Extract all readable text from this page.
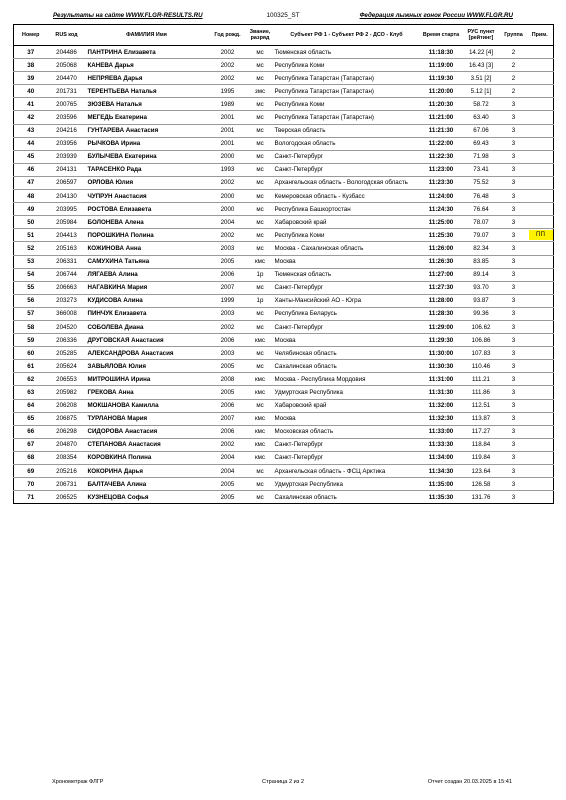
Результаты на сайте WWW.FLGR-RESULTS.RU	100325_ST	Федерация лыжных гонок России WWW.FLGR.RU
Номер	RUS код	ФАМИЛИЯ Имя	Год рожд.	Звание, разряд	Субъект РФ 1 - Субъект РФ 2 - ДСО - Клуб	Время старта	РУС пункт [рейтинг]	Группа	Прим.
37	204486	ПАНТРИНА Елизавета	2002	мс	Тюменская область	11:18:30	14.22 [4]	2	
38	205068	КАНЕВА Дарья	2002	мс	Республика Коми	11:19:00	16.43 [3]	2	
39	204470	НЕПРЯЕВА Дарья	2002	мс	Республика Татарстан (Татарстан)	11:19:30	3.51 [2]	2	
40	201731	ТЕРЕНТЬЕВА Наталья	1995	змс	Республика Татарстан (Татарстан)	11:20:00	5.12 [1]	2	
41	200765	ЗЮЗЕВА Наталья	1989	мс	Республика Коми	11:20:30	58.72	3	
42	203596	МЕГЕДЬ Екатерина	2001	мс	Республика Татарстан (Татарстан)	11:21:00	63.40	3	
43	204216	ГУНТАРЕВА Анастасия	2001	мс	Тверская область	11:21:30	67.06	3	
44	203956	РЫЧКОВА Ирина	2001	мс	Вологодская область	11:22:00	69.43	3	
45	203939	БУЛЫЧЕВА Екатерина	2000	мс	Санкт-Петербург	11:22:30	71.98	3	
46	204131	ТАРАСЕНКО Рада	1993	мс	Санкт-Петербург	11:23:00	73.41	3	
47	206597	ОРЛОВА Юлия	2002	мс	Архангельская область - Вологодская область	11:23:30	75.52	3	
48	204130	ЧУПРУН Анастасия	2000	мс	Кемеровская область - Кузбасс	11:24:00	76.48	3	
49	203995	РОСТОВА Елизавета	2000	мс	Республика Башкортостан	11:24:30	76.64	3	
50	205984	БОЛОНЕВА Алена	2004	мс	Хабаровский край	11:25:00	78.07	3	
51	204413	ПОРОШКИНА Полина	2002	мс	Республика Коми	11:25:30	79.07	3	ПП
52	205163	КОЖИНОВА Анна	2003	мс	Москва - Сахалинская область	11:26:00	82.34	3	
53	206331	САМУХИНА Татьяна	2005	кмс	Москва	11:26:30	83.85	3	
54	206744	ЛЯГАЕВА Алина	2006	1р	Тюменская область	11:27:00	89.14	3	
55	206663	НАГАВКИНА Мария	2007	мс	Санкт-Петербург	11:27:30	93.70	3	
56	203273	КУДИСОВА Алина	1999	1р	Ханты-Мансийский АО - Югра	11:28:00	93.87	3	
57	366008	ПИНЧУК Елизавета	2003	мс	Республика Беларусь	11:28:30	99.36	3	
58	204520	СОБОЛЕВА Диана	2002	мс	Санкт-Петербург	11:29:00	106.62	3	
59	206336	ДРУГОВСКАЯ Анастасия	2006	кмс	Москва	11:29:30	106.86	3	
60	205285	АЛЕКСАНДРОВА Анастасия	2003	мс	Челябинская область	11:30:00	107.83	3	
61	205624	ЗАВЬЯЛОВА Юлия	2005	мс	Сахалинская область	11:30:30	110.46	3	
62	206553	МИТРОШИНА Ирина	2008	кмс	Москва - Республика Мордовия	11:31:00	111.21	3	
63	205982	ГРЕКОВА Анна	2005	кмс	Удмуртская Республика	11:31:30	111.86	3	
64	206208	МОКШАНОВА Камилла	2006	мс	Хабаровский край	11:32:00	112.51	3	
65	206875	ТУРЛАНОВА Мария	2007	кмс	Москва	11:32:30	113.87	3	
66	206298	СИДОРОВА Анастасия	2006	кмс	Московская область	11:33:00	117.27	3	
67	204870	СТЕПАНОВА Анастасия	2002	кмс	Санкт-Петербург	11:33:30	118.84	3	
68	208354	КОРОВКИНА Полина	2004	кмс	Санкт-Петербург	11:34:00	119.84	3	
69	205216	КОКОРИНА Дарья	2004	мс	Архангельская область - ФСЦ Арктика	11:34:30	123.64	3	
70	206731	БАЛТАЧЕВА Алина	2005	мс	Удмуртская Республика	11:35:00	126.58	3	
71	206525	КУЗНЕЦОВА Софья	2005	мс	Сахалинская область	11:35:30	131.76	3	
Хронометраж ФЛГР	Страница 2 из 2	Отчет создан 20.03.2025 в 15:41
